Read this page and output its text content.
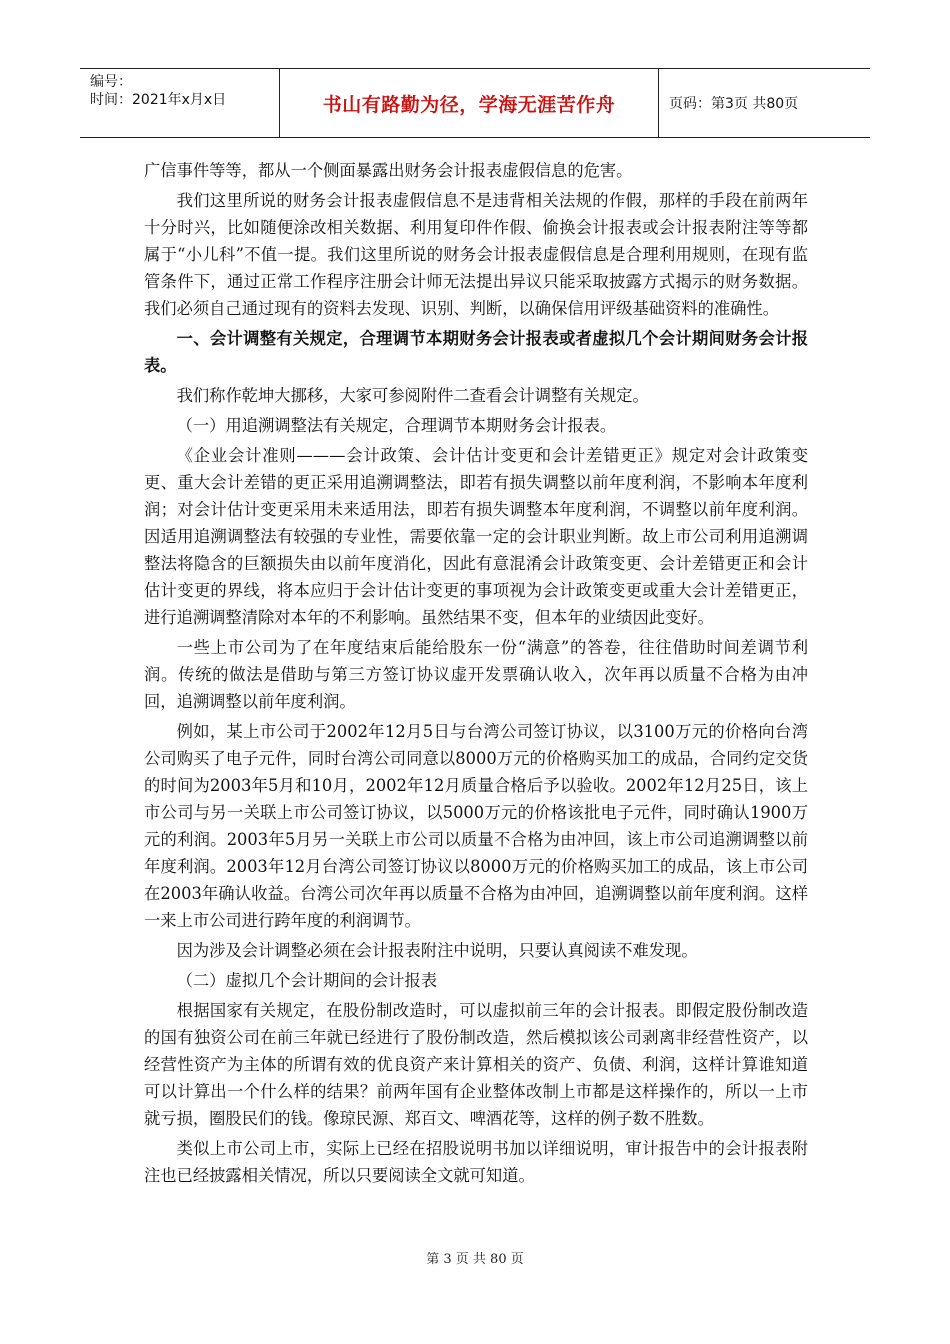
编号：
时间：2021年x月x日	书山有路勤为径，学海无涯苦作舟	页码：第3页 共80页

广信事件等等，都从一个侧面暴露出财务会计报表虚假信息的危害。

我们这里所说的财务会计报表虚假信息不是违背相关法规的作假，那样的手段在前两年十分时兴，比如随便涂改相关数据、利用复印件作假、偷换会计报表或会计报表附注等等都属于“小儿科”不值一提。我们这里所说的财务会计报表虚假信息是合理利用规则，在现有监管条件下，通过正常工作程序注册会计师无法提出异议只能采取披露方式揭示的财务数据。我们必须自己通过现有的资料去发现、识别、判断，以确保信用评级基础资料的准确性。

一、会计调整有关规定，合理调节本期财务会计报表或者虚拟几个会计期间财务会计报表。

我们称作乾坤大挪移，大家可参阅附件二查看会计调整有关规定。

（一）用追溯调整法有关规定，合理调节本期财务会计报表。

《企业会计准则———会计政策、会计估计变更和会计差错更正》规定对会计政策变更、重大会计差错的更正采用追溯调整法，即若有损失调整以前年度利润，不影响本年度利润；对会计估计变更采用未来适用法，即若有损失调整本年度利润，不调整以前年度利润。因适用追溯调整法有较强的专业性，需要依靠一定的会计职业判断。故上市公司利用追溯调整法将隐含的巨额损失由以前年度消化，因此有意混淆会计政策变更、会计差错更正和会计估计变更的界线，将本应归于会计估计变更的事项视为会计政策变更或重大会计差错更正，进行追溯调整清除对本年的不利影响。虽然结果不变，但本年的业绩因此变好。

一些上市公司为了在年度结束后能给股东一份“满意”的答卷，往往借助时间差调节利润。传统的做法是借助与第三方签订协议虚开发票确认收入，次年再以质量不合格为由冲回，追溯调整以前年度利润。

例如，某上市公司于2002年12月5日与台湾公司签订协议，以3100万元的价格向台湾公司购买了电子元件，同时台湾公司同意以8000万元的价格购买加工的成品，合同约定交货的时间为2003年5月和10月，2002年12月质量合格后予以验收。2002年12月25日，该上市公司与另一关联上市公司签订协议，以5000万元的价格该批电子元件，同时确认1900万元的利润。2003年5月另一关联上市公司以质量不合格为由冲回，该上市公司追溯调整以前年度利润。2003年12月台湾公司签订协议以8000万元的价格购买加工的成品，该上市公司在2003年确认收益。台湾公司次年再以质量不合格为由冲回，追溯调整以前年度利润。这样一来上市公司进行跨年度的利润调节。

因为涉及会计调整必须在会计报表附注中说明，只要认真阅读不难发现。

（二）虚拟几个会计期间的会计报表

根据国家有关规定，在股份制改造时，可以虚拟前三年的会计报表。即假定股份制改造的国有独资公司在前三年就已经进行了股份制改造，然后模拟该公司剥离非经营性资产，以经营性资产为主体的所谓有效的优良资产来计算相关的资产、负债、利润，这样计算谁知道可以计算出一个什么样的结果？前两年国有企业整体改制上市都是这样操作的，所以一上市就亏损，圈股民们的钱。像琼民源、郑百文、啤酒花等，这样的例子数不胜数。

类似上市公司上市，实际上已经在招股说明书加以详细说明，审计报告中的会计报表附注也已经披露相关情况，所以只要阅读全文就可知道。

第 3 页 共 80 页
